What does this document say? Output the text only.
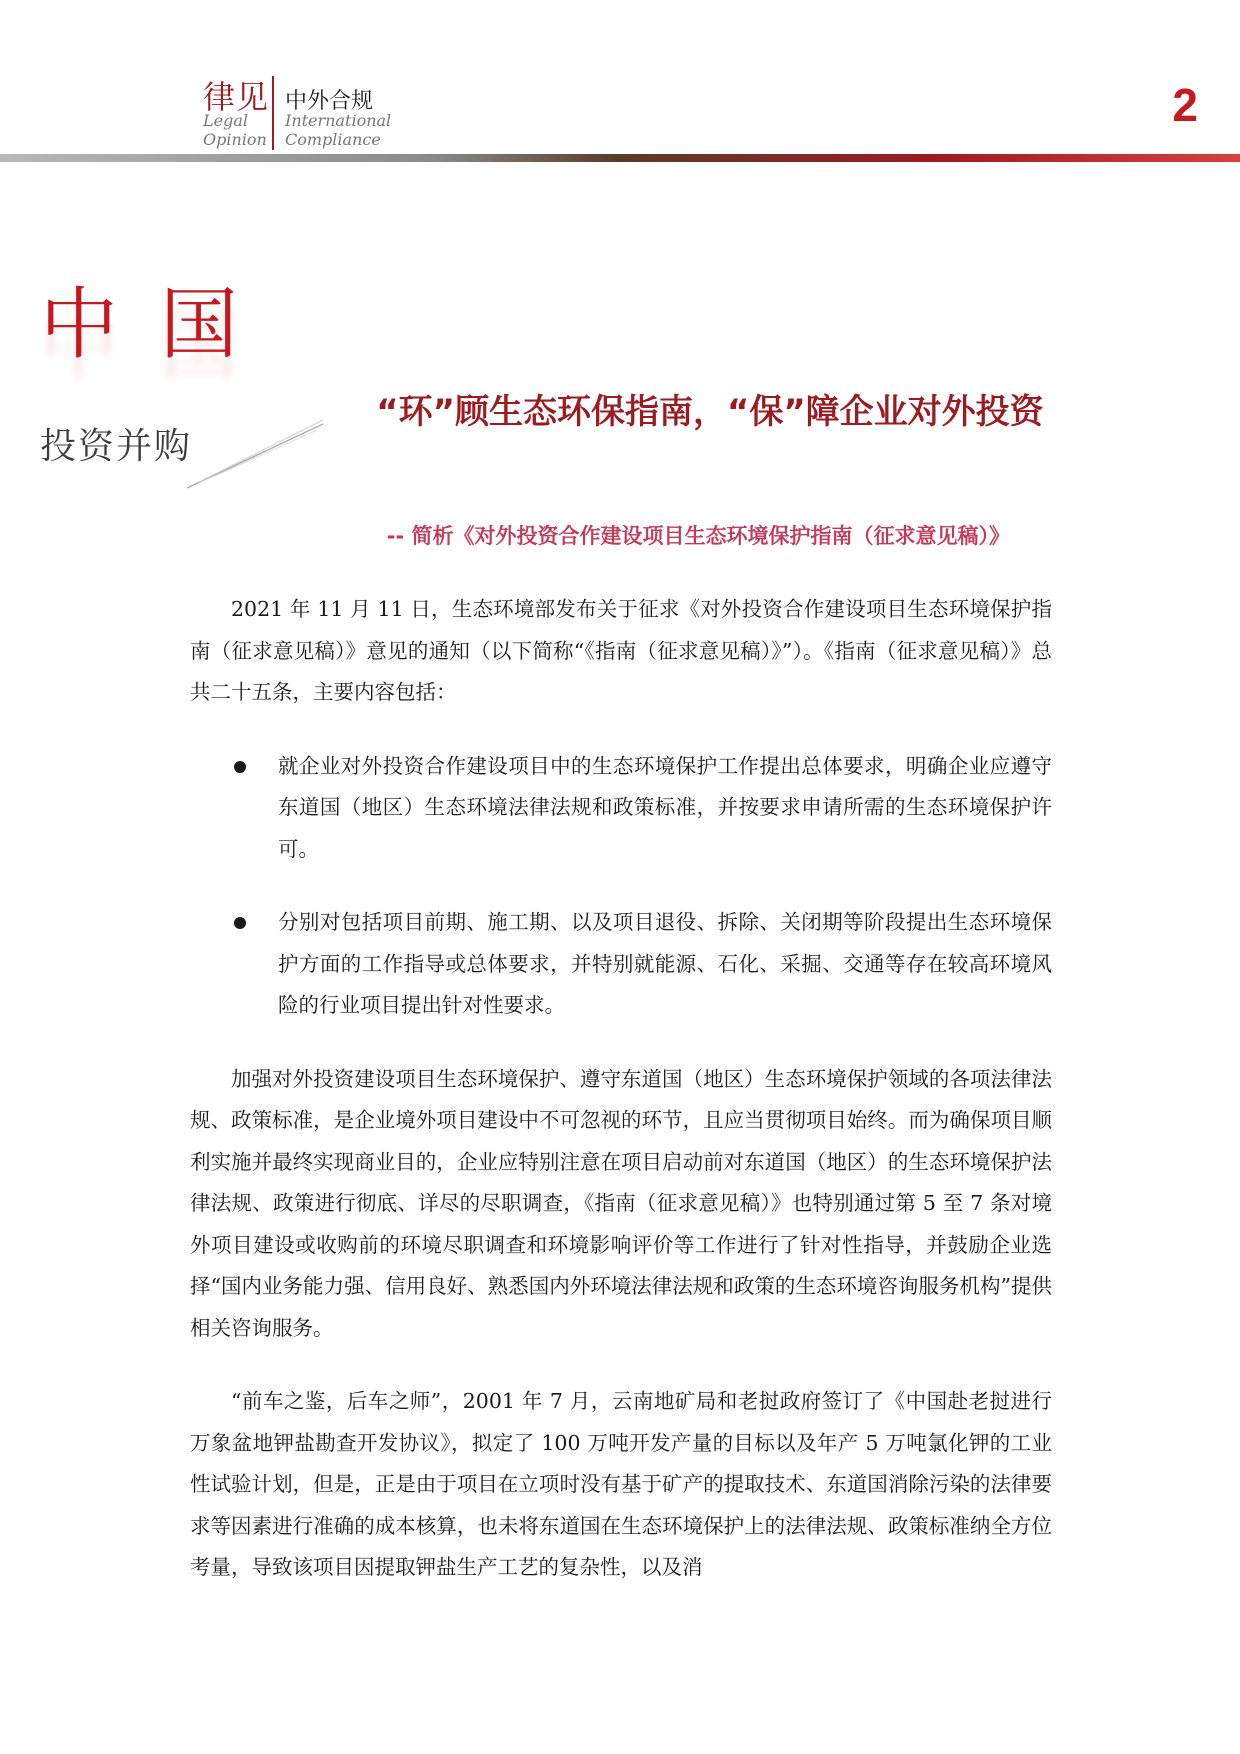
律见 中外合规
Legal
Opinion
International
Compliance
2
中国
投资并购
“环”顾生态环保指南，“保”障企业对外投资
-- 简析《对外投资合作建设项目生态环境保护指南（征求意见稿）》

2021 年 11 月 11 日，生态环境部发布关于征求《对外投资合作建设项目生态环境保护指南（征求意见稿）》意见的通知（以下简称“《指南（征求意见稿）》”）。《指南（征求意见稿）》总共二十五条，主要内容包括：

就企业对外投资合作建设项目中的生态环境保护工作提出总体要求，明确企业应遵守东道国（地区）生态环境法律法规和政策标准，并按要求申请所需的生态环境保护许可。
分别对包括项目前期、施工期、以及项目退役、拆除、关闭期等阶段提出生态环境保护方面的工作指导或总体要求，并特别就能源、石化、采掘、交通等存在较高环境风险的行业项目提出针对性要求。

加强对外投资建设项目生态环境保护、遵守东道国（地区）生态环境保护领域的各项法律法规、政策标准，是企业境外项目建设中不可忽视的环节，且应当贯彻项目始终。而为确保项目顺利实施并最终实现商业目的，企业应特别注意在项目启动前对东道国（地区）的生态环境保护法律法规、政策进行彻底、详尽的尽职调查，《指南（征求意见稿）》也特别通过第 5 至 7 条对境外项目建设或收购前的环境尽职调查和环境影响评价等工作进行了针对性指导，并鼓励企业选择“国内业务能力强、信用良好、熟悉国内外环境法律法规和政策的生态环境咨询服务机构”提供相关咨询服务。

“前车之鉴，后车之师”，2001 年 7 月，云南地矿局和老挝政府签订了《中国赴老挝进行万象盆地钾盐勘查开发协议》，拟定了 100 万吨开发产量的目标以及年产 5 万吨氯化钾的工业性试验计划，但是，正是由于项目在立项时没有基于矿产的提取技术、东道国消除污染的法律要求等因素进行准确的成本核算，也未将东道国在生态环境保护上的法律法规、政策标准纳全方位考量，导致该项目因提取钾盐生产工艺的复杂性，以及消
